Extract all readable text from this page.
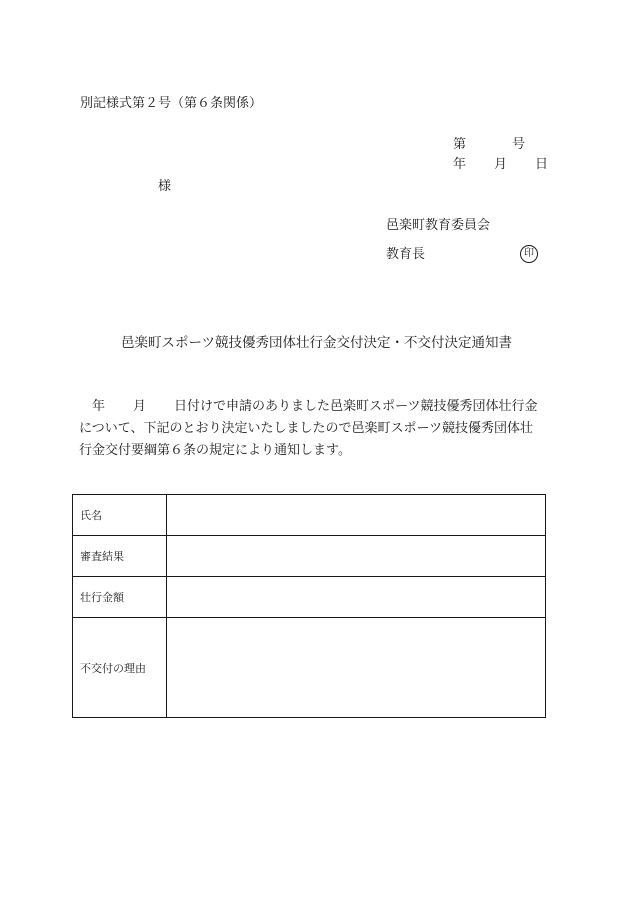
別記様式第２号（第６条関係）
第	号
年 月 日
様
邑楽町教育委員会
教育長	印
邑楽町スポーツ競技優秀団体壮行金交付決定・不交付決定通知書
年 月 日付けで申請のありました邑楽町スポーツ競技優秀団体壮行金
について、下記のとおり決定いたしましたので邑楽町スポーツ競技優秀団体壮
行金交付要綱第６条の規定により通知します。
氏名	
審査結果	
壮行金額	
不交付の理由	
